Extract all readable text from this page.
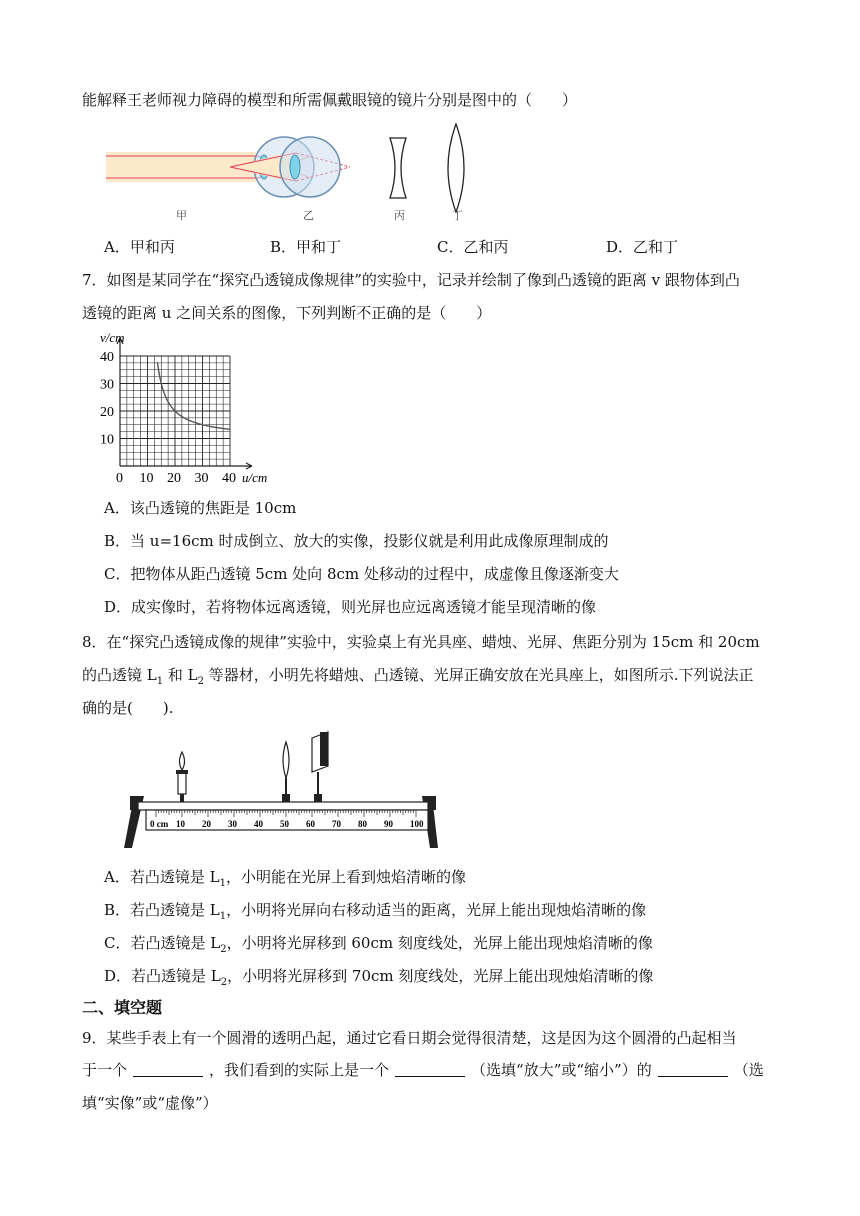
能解释王老师视力障碍的模型和所需佩戴眼镜的镜片分别是图中的（　　）
甲	乙	丙	丁
A．甲和丙	B．甲和丁	C．乙和丙	D．乙和丁
7．如图是某同学在“探究凸透镜成像规律”的实验中，记录并绘制了像到凸透镜的距离 v 跟物体到凸
透镜的距离 u 之间关系的图像，下列判断不正确的是（　　）
0 10 20 30 40
10
20
30
40
u/cm
v/cm
A．该凸透镜的焦距是 10cm
B．当 u=16cm 时成倒立、放大的实像，投影仪就是利用此成像原理制成的
C．把物体从距凸透镜 5cm 处向 8cm 处移动的过程中，成虚像且像逐渐变大
D．成实像时，若将物体远离透镜，则光屏也应远离透镜才能呈现清晰的像
8．在“探究凸透镜成像的规律”实验中，实验桌上有光具座、蜡烛、光屏、焦距分别为 15cm 和 20cm
的凸透镜 $L_1$ 和 $L_2$ 等器材，小明先将蜡烛、凸透镜、光屏正确安放在光具座上，如图所示.下列说法正
确的是(　　).
0 cm 10 20 30 40 50 60 70 80 90 100
A．若凸透镜是 $L_1$，小明能在光屏上看到烛焰清晰的像
B．若凸透镜是 $L_1$，小明将光屏向右移动适当的距离，光屏上能出现烛焰清晰的像
C．若凸透镜是 $L_2$，小明将光屏移到 60cm 刻度线处，光屏上能出现烛焰清晰的像
D．若凸透镜是 $L_2$，小明将光屏移到 70cm 刻度线处，光屏上能出现烛焰清晰的像
二、填空题
9．某些手表上有一个圆滑的透明凸起，通过它看日期会觉得很清楚，这是因为这个圆滑的凸起相当
于一个	，我们看到的实际上是一个	（选填“放大”或“缩小”）的	（选
填“实像”或“虚像”）
